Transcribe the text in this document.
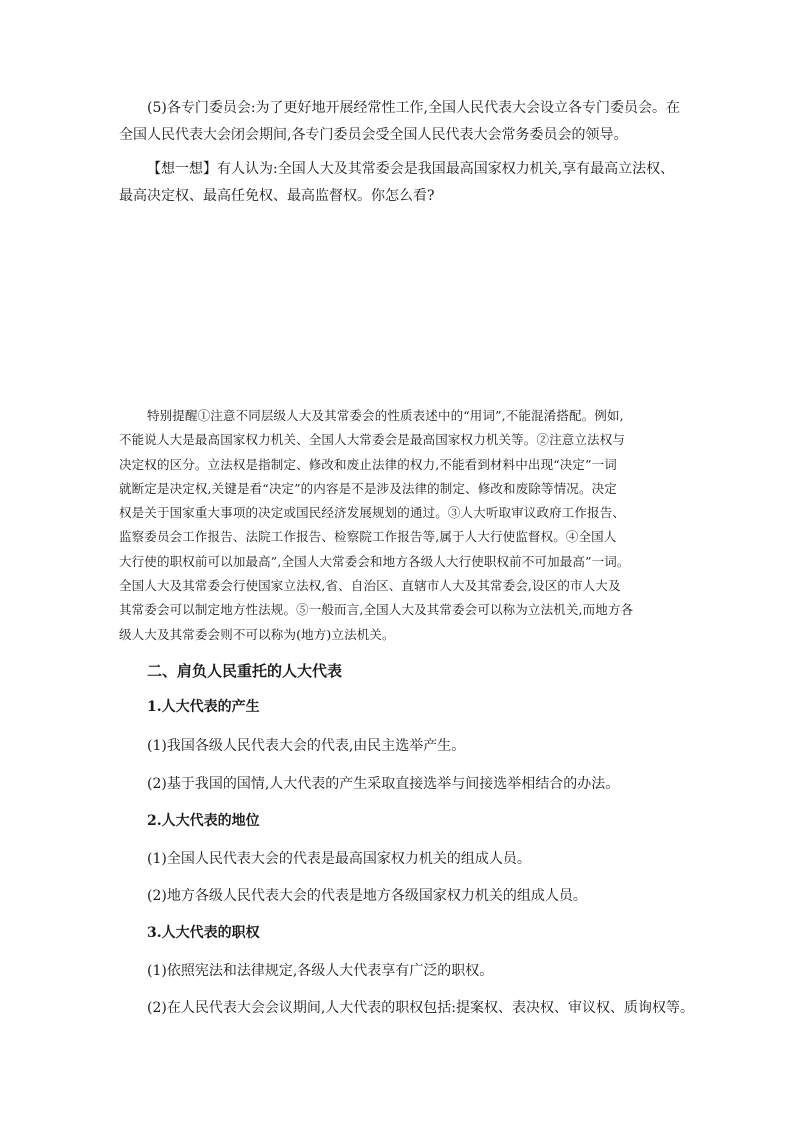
(5)各专门委员会:为了更好地开展经常性工作,全国人民代表大会设立各专门委员会。在
全国人民代表大会闭会期间,各专门委员会受全国人民代表大会常务委员会的领导。
【想一想】有人认为:全国人大及其常委会是我国最高国家权力机关,享有最高立法权、
最高决定权、最高任免权、最高监督权。你怎么看?
特别提醒①注意不同层级人大及其常委会的性质表述中的“用词”,不能混淆搭配。例如,
不能说人大是最高国家权力机关、全国人大常委会是最高国家权力机关等。②注意立法权与
决定权的区分。立法权是指制定、修改和废止法律的权力,不能看到材料中出现“决定”一词
就断定是决定权,关键是看“决定”的内容是不是涉及法律的制定、修改和废除等情况。决定
权是关于国家重大事项的决定或国民经济发展规划的通过。③人大听取审议政府工作报告、
监察委员会工作报告、法院工作报告、检察院工作报告等,属于人大行使监督权。④全国人
大行使的职权前可以加最高”,全国人大常委会和地方各级人大行使职权前不可加最高”一词。
全国人大及其常委会行使国家立法权,省、自治区、直辖市人大及其常委会,设区的市人大及
其常委会可以制定地方性法规。⑤一般而言,全国人大及其常委会可以称为立法机关,而地方各
级人大及其常委会则不可以称为(地方)立法机关。
二、肩负人民重托的人大代表
1.人大代表的产生

(1)我国各级人民代表大会的代表,由民主选举产生。

(2)基于我国的国情,人大代表的产生采取直接选举与间接选举相结合的办法。

2.人大代表的地位

(1)全国人民代表大会的代表是最高国家权力机关的组成人员。

(2)地方各级人民代表大会的代表是地方各级国家权力机关的组成人员。

3.人大代表的职权

(1)依照宪法和法律规定,各级人大代表享有广泛的职权。

(2)在人民代表大会会议期间,人大代表的职权包括:提案权、表决权、审议权、质询权等。
